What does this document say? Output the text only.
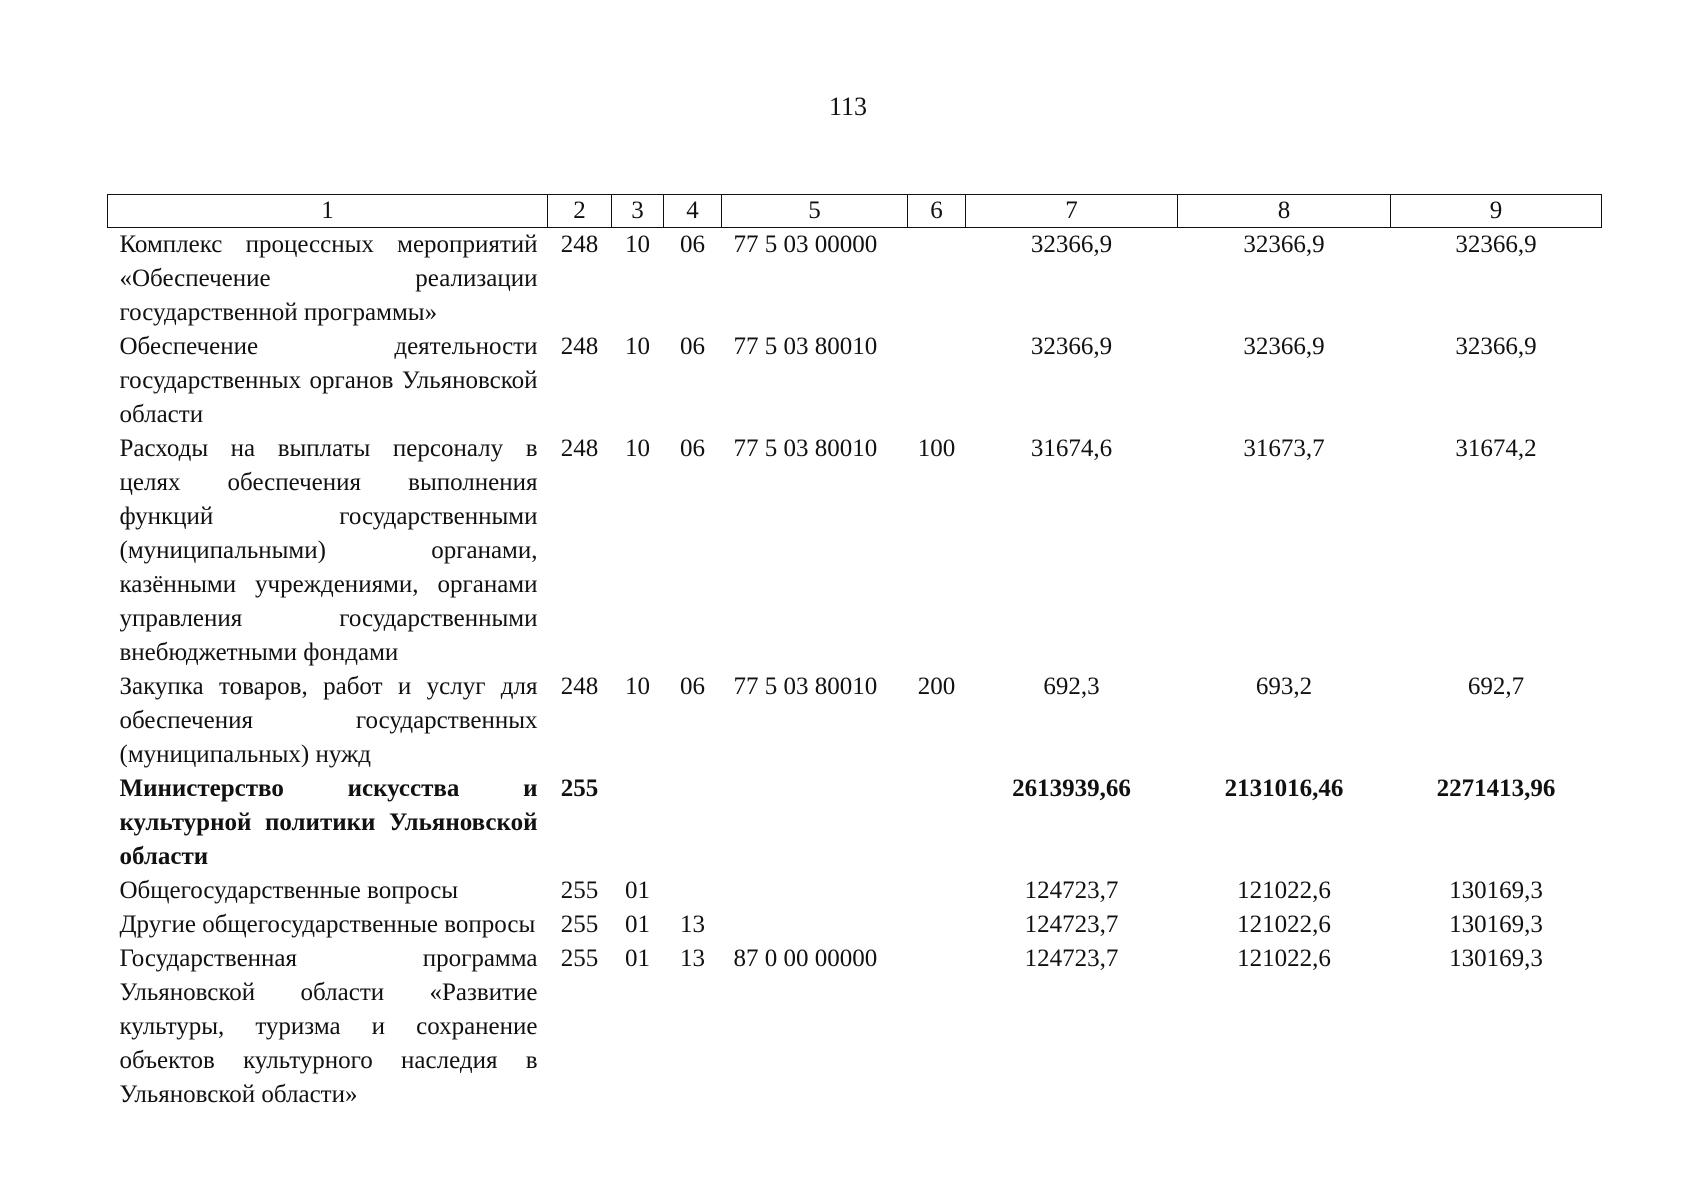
113
1	2	3	4	5	6	7	8	9
Комплекс процессных мероприятий «Обеспечение реализации государственной программы»	248	10	06	77 5 03 00000		32366,9	32366,9	32366,9
Обеспечение деятельности государственных органов Ульяновской области	248	10	06	77 5 03 80010		32366,9	32366,9	32366,9
Расходы на выплаты персоналу в целях обеспечения выполнения функций государственными (муниципальными) органами, казёнными учреждениями, органами управления государственными внебюджетными фондами	248	10	06	77 5 03 80010	100	31674,6	31673,7	31674,2
Закупка товаров, работ и услуг для обеспечения государственных (муниципальных) нужд	248	10	06	77 5 03 80010	200	692,3	693,2	692,7
Министерство искусства и культурной политики Ульяновской области	255					2613939,66	2131016,46	2271413,96
Общегосударственные вопросы	255	01				124723,7	121022,6	130169,3
Другие общегосударственные вопросы	255	01	13			124723,7	121022,6	130169,3
Государственная программа Ульяновской области «Развитие культуры, туризма и сохранение объектов культурного наследия в Ульяновской области»	255	01	13	87 0 00 00000		124723,7	121022,6	130169,3
